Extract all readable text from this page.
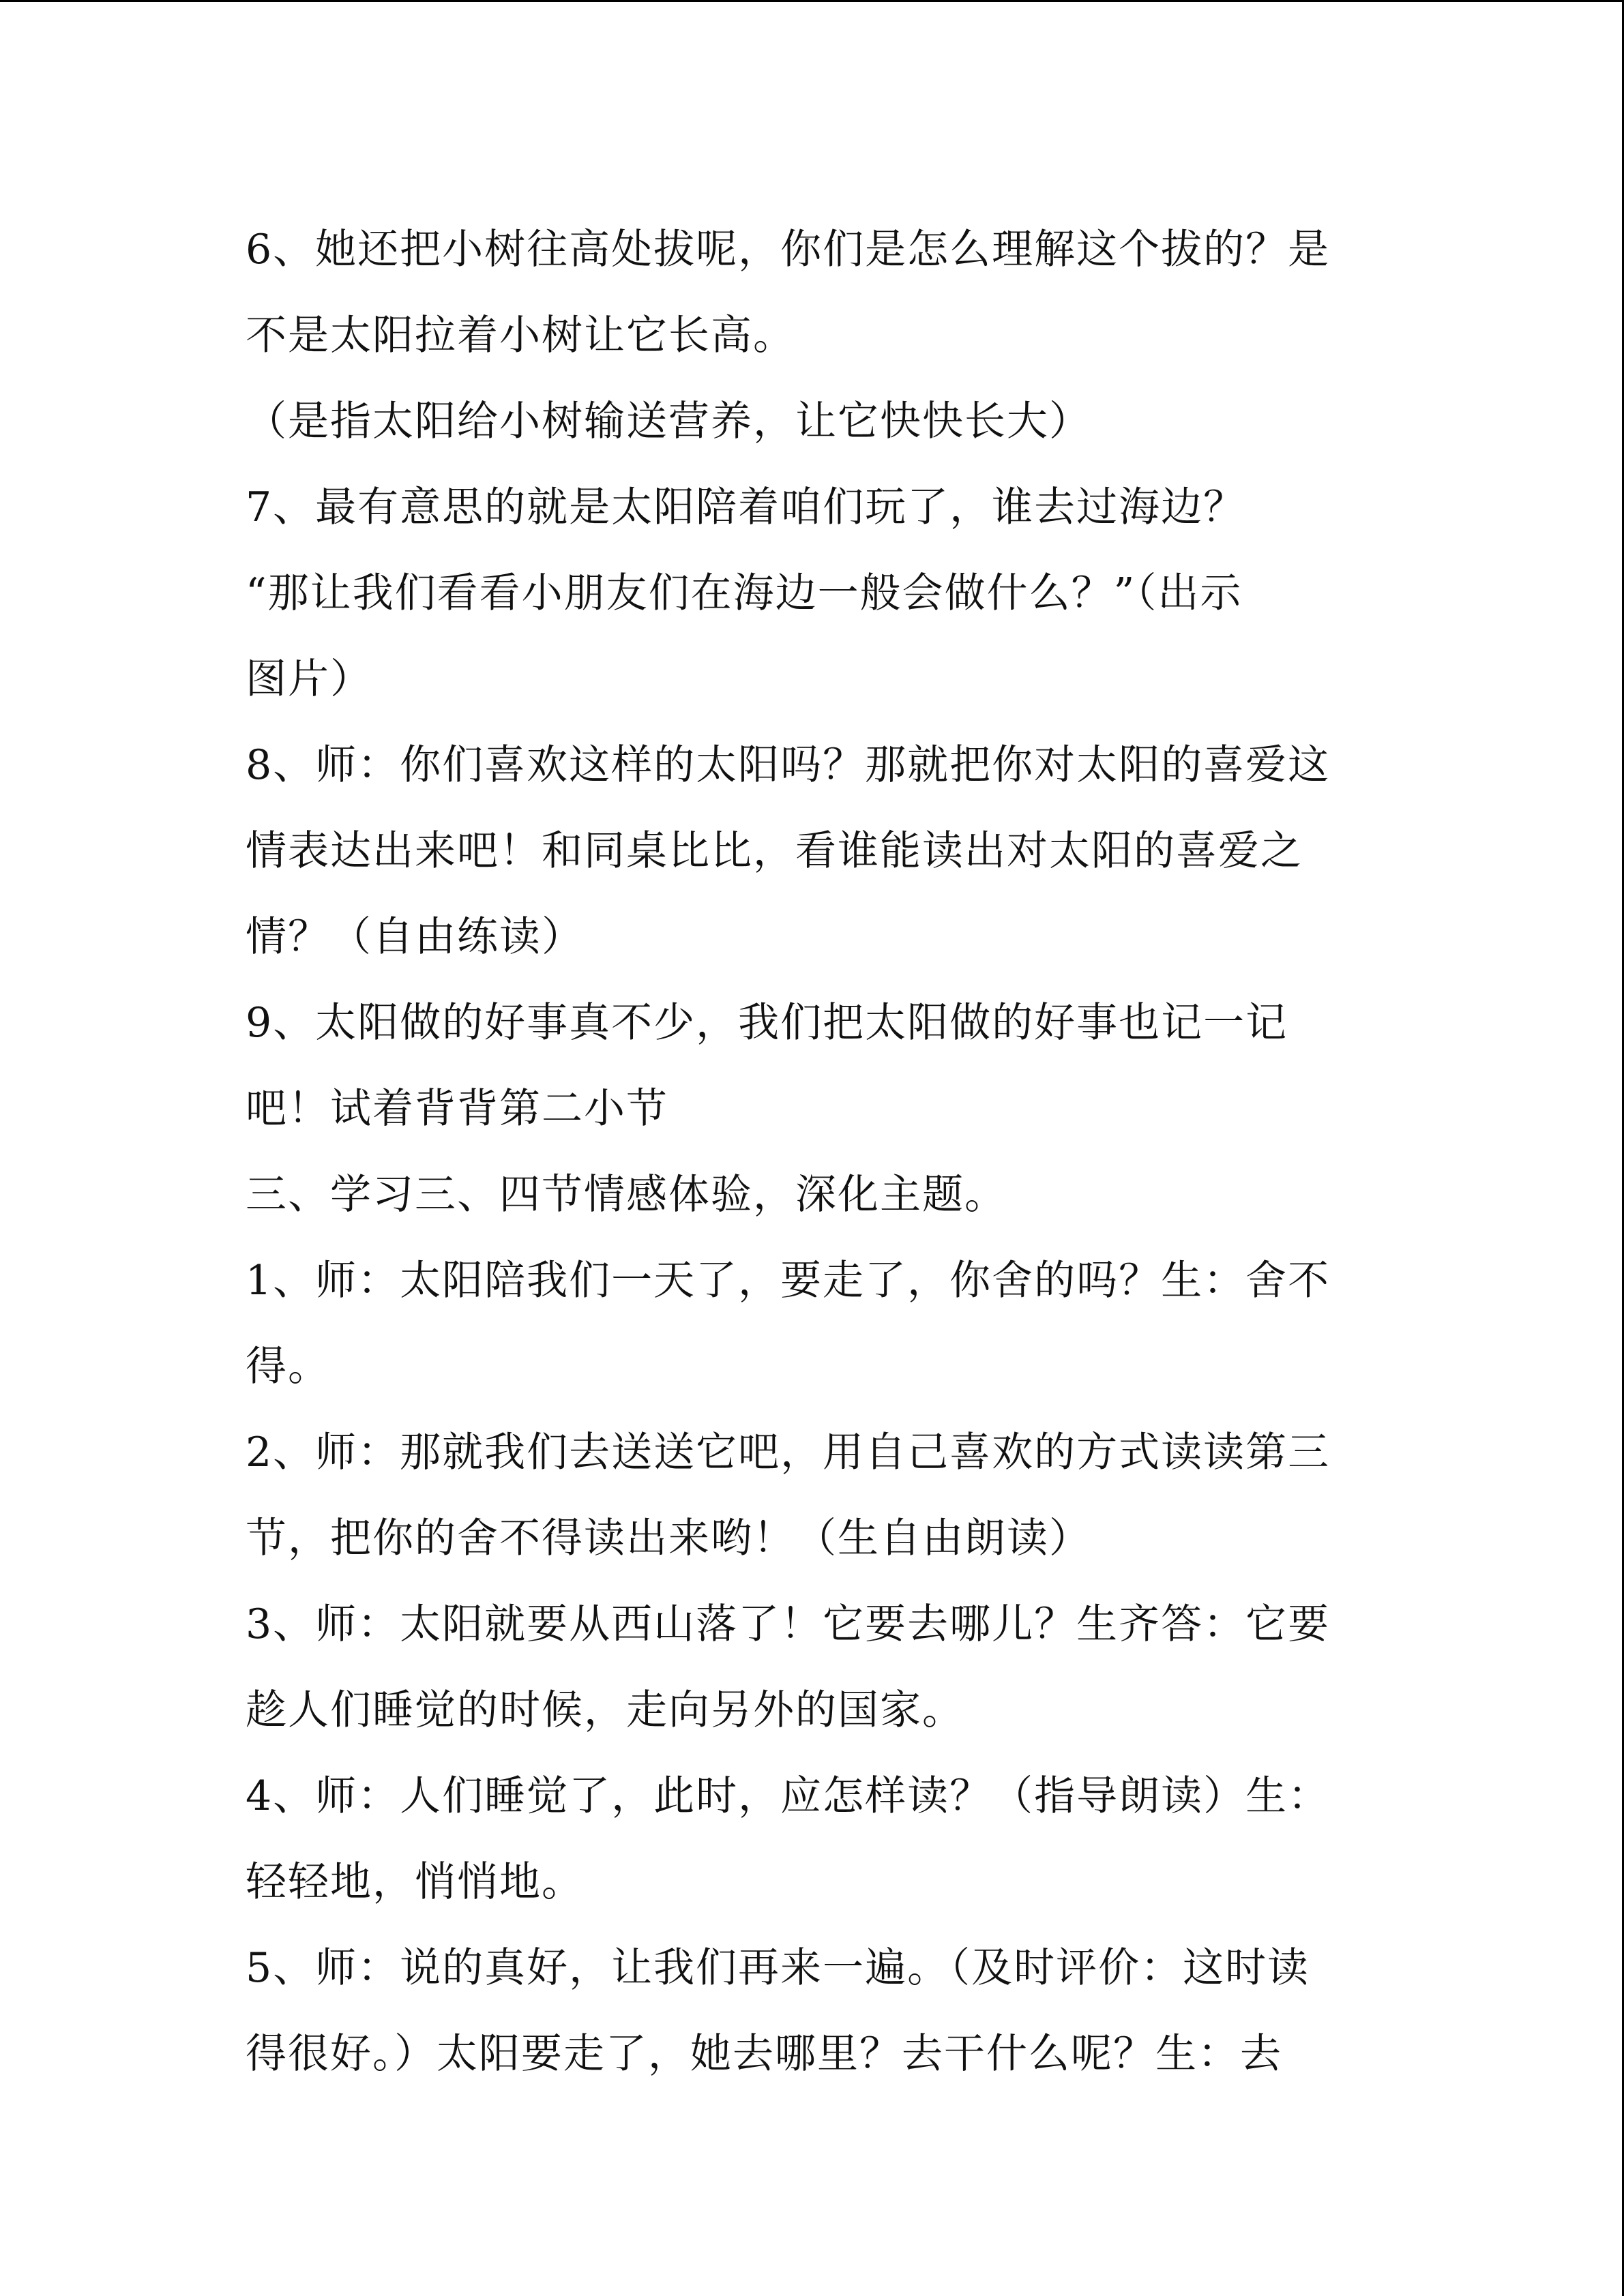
6、她还把小树往高处拔呢，你们是怎么理解这个拔的？是
不是太阳拉着小树让它长高。
（是指太阳给小树输送营养，让它快快长大）
7、最有意思的就是太阳陪着咱们玩了，谁去过海边？
“那让我们看看小朋友们在海边一般会做什么？”（出示
图片）
8、师：你们喜欢这样的太阳吗？那就把你对太阳的喜爱这
情表达出来吧！和同桌比比，看谁能读出对太阳的喜爱之
情？（自由练读）
9、太阳做的好事真不少，我们把太阳做的好事也记一记
吧！试着背背第二小节
三、学习三、四节情感体验，深化主题。
1、师：太阳陪我们一天了，要走了，你舍的吗？生：舍不
得。
2、师：那就我们去送送它吧，用自己喜欢的方式读读第三
节，把你的舍不得读出来哟！（生自由朗读）
3、师：太阳就要从西山落了！它要去哪儿？生齐答：它要
趁人们睡觉的时候，走向另外的国家。
4、师：人们睡觉了，此时，应怎样读？（指导朗读）生：
轻轻地，悄悄地。
5、师：说的真好，让我们再来一遍。（及时评价：这时读
得很好。）太阳要走了，她去哪里？去干什么呢？生：去
